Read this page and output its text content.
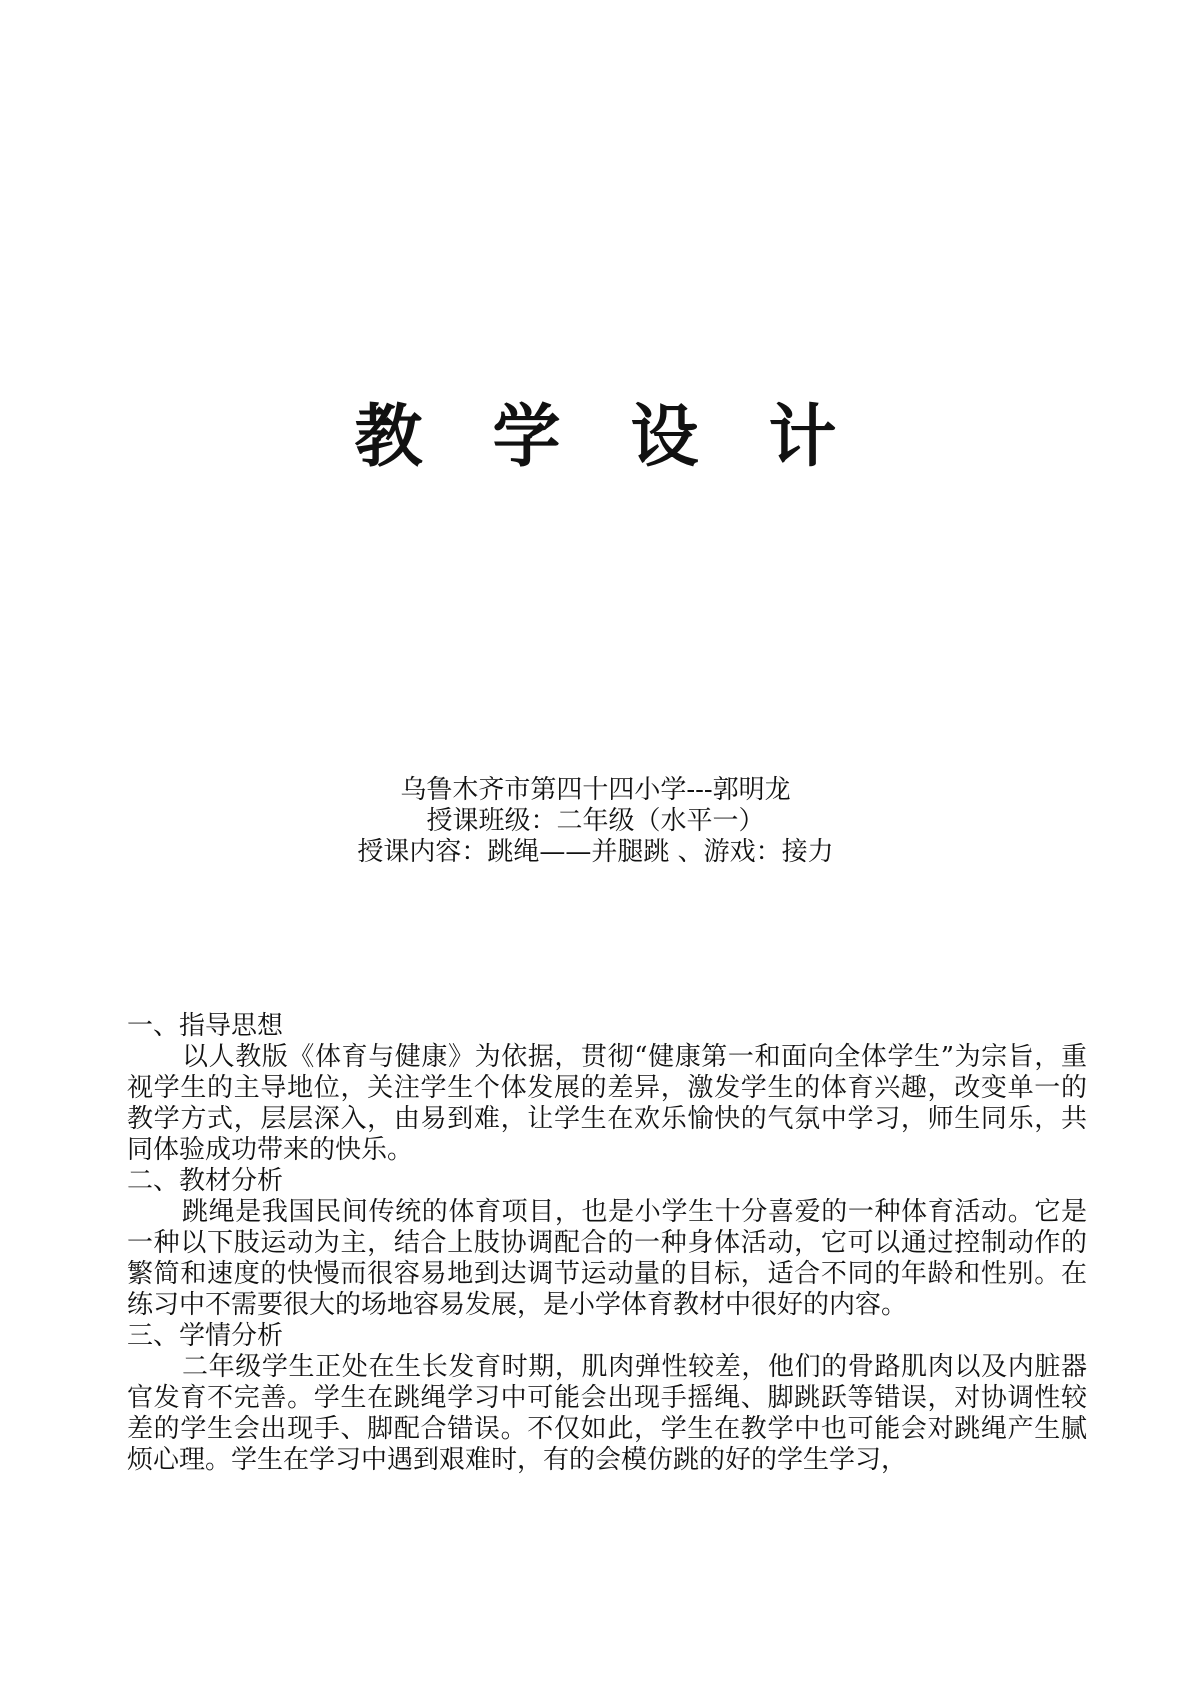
教学设计

乌鲁木齐市第四十四小学---郭明龙

授课班级：二年级（水平一）

授课内容：跳绳——并腿跳 、游戏：接力

一、指导思想

以人教版《体育与健康》为依据，贯彻“健康第一和面向全体学生”为宗旨，重视学生的主导地位，关注学生个体发展的差异，激发学生的体育兴趣，改变单一的教学方式，层层深入，由易到难，让学生在欢乐愉快的气氛中学习，师生同乐，共同体验成功带来的快乐。

二、教材分析

跳绳是我国民间传统的体育项目，也是小学生十分喜爱的一种体育活动。它是一种以下肢运动为主，结合上肢协调配合的一种身体活动，它可以通过控制动作的繁简和速度的快慢而很容易地到达调节运动量的目标，适合不同的年龄和性别。在练习中不需要很大的场地容易发展，是小学体育教材中很好的内容。

三、学情分析

二年级学生正处在生长发育时期，肌肉弹性较差，他们的骨路肌肉以及内脏器官发育不完善。学生在跳绳学习中可能会出现手摇绳、脚跳跃等错误，对协调性较差的学生会出现手、脚配合错误。不仅如此，学生在教学中也可能会对跳绳产生腻烦心理。学生在学习中遇到艰难时，有的会模仿跳的好的学生学习，
